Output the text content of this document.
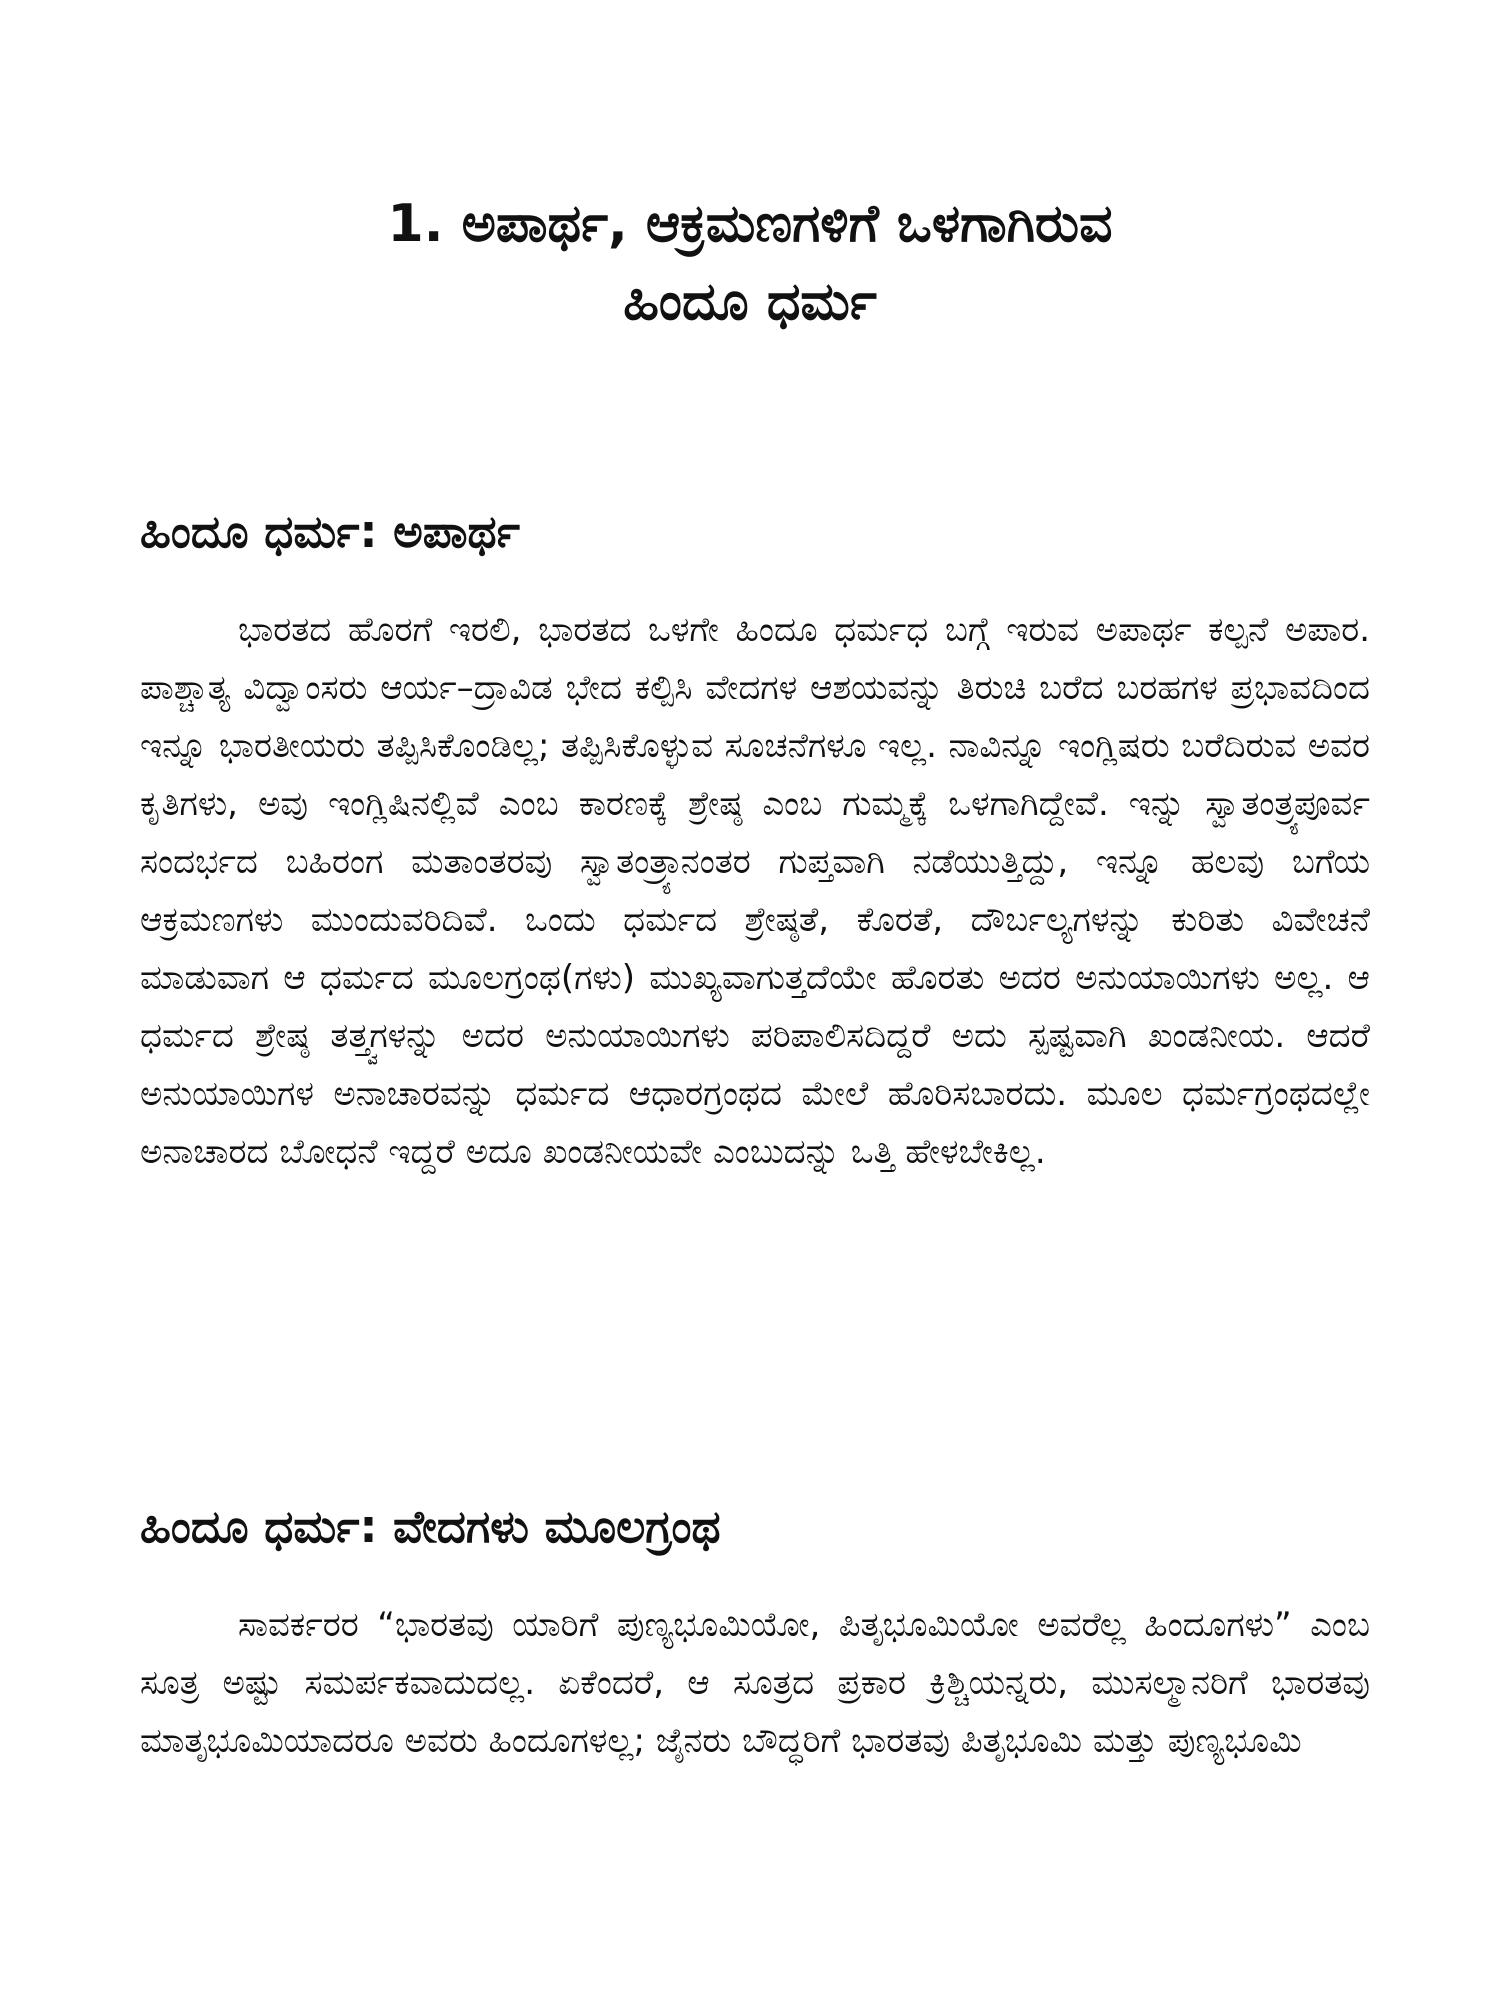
1. ಅಪಾರ್ಥ, ಆಕ್ರಮಣಗಳಿಗೆ ಒಳಗಾಗಿರುವ
ಹಿಂದೂ ಧರ್ಮ
ಹಿಂದೂ ಧರ್ಮ: ಅಪಾರ್ಥ

ಭಾರತದ ಹೊರಗೆ ಇರಲಿ, ಭಾರತದ ಒಳಗೇ ಹಿಂದೂ ಧರ್ಮಧ ಬಗ್ಗೆ ಇರುವ ಅಪಾರ್ಥ ಕಲ್ಪನೆ ಅಪಾರ. ಪಾಶ್ಚಾತ್ಯ ವಿದ್ವಾಂಸರು ಆರ್ಯ–ದ್ರಾವಿಡ ಭೇದ ಕಲ್ಪಿಸಿ ವೇದಗಳ ಆಶಯವನ್ನು ತಿರುಚಿ ಬರೆದ ಬರಹಗಳ ಪ್ರಭಾವದಿಂದ ಇನ್ನೂ ಭಾರತೀಯರು ತಪ್ಪಿಸಿಕೊಂಡಿಲ್ಲ; ತಪ್ಪಿಸಿಕೊಳ್ಳುವ ಸೂಚನೆಗಳೂ ಇಲ್ಲ. ನಾವಿನ್ನೂ ಇಂಗ್ಲಿಷರು ಬರೆದಿರುವ ಅವರ ಕೃತಿಗಳು, ಅವು ಇಂಗ್ಲಿಷಿನಲ್ಲಿವೆ ಎಂಬ ಕಾರಣಕ್ಕೆ ಶ್ರೇಷ್ಠ ಎಂಬ ಗುಮ್ಮಕ್ಕೆ ಒಳಗಾಗಿದ್ದೇವೆ. ಇನ್ನು ಸ್ವಾತಂತ್ರ್ಯಪೂರ್ವ ಸಂದರ್ಭದ ಬಹಿರಂಗ ಮತಾಂತರವು ಸ್ವಾತಂತ್ರ್ಯಾನಂತರ ಗುಪ್ತವಾಗಿ ನಡೆಯುತ್ತಿದ್ದು, ಇನ್ನೂ ಹಲವು ಬಗೆಯ ಆಕ್ರಮಣಗಳು ಮುಂದುವರಿದಿವೆ. ಒಂದು ಧರ್ಮದ ಶ್ರೇಷ್ಠತೆ, ಕೊರತೆ, ದೌರ್ಬಲ್ಯಗಳನ್ನು ಕುರಿತು ವಿವೇಚನೆ ಮಾಡುವಾಗ ಆ ಧರ್ಮದ ಮೂಲಗ್ರಂಥ(ಗಳು) ಮುಖ್ಯವಾಗುತ್ತದೆಯೇ ಹೊರತು ಅದರ ಅನುಯಾಯಿಗಳು ಅಲ್ಲ. ಆ ಧರ್ಮದ ಶ್ರೇಷ್ಠ ತತ್ತ್ವಗಳನ್ನು ಅದರ ಅನುಯಾಯಿಗಳು ಪರಿಪಾಲಿಸದಿದ್ದರೆ ಅದು ಸ್ಪಷ್ಟವಾಗಿ ಖಂಡನೀಯ. ಆದರೆ ಅನುಯಾಯಿಗಳ ಅನಾಚಾರವನ್ನು ಧರ್ಮದ ಆಧಾರಗ್ರಂಥದ ಮೇಲೆ ಹೊರಿಸಬಾರದು. ಮೂಲ ಧರ್ಮಗ್ರಂಥದಲ್ಲೇ ಅನಾಚಾರದ ಬೋಧನೆ ಇದ್ದರೆ ಅದೂ ಖಂಡನೀಯವೇ ಎಂಬುದನ್ನು ಒತ್ತಿ ಹೇಳಬೇಕಿಲ್ಲ.

ಹಿಂದೂ ಧರ್ಮ: ವೇದಗಳು ಮೂಲಗ್ರಂಥ

ಸಾವರ್ಕರರ “ಭಾರತವು ಯಾರಿಗೆ ಪುಣ್ಯಭೂಮಿಯೋ, ಪಿತೃಭೂಮಿಯೋ ಅವರೆಲ್ಲ ಹಿಂದೂಗಳು” ಎಂಬ ಸೂತ್ರ ಅಷ್ಟು ಸಮರ್ಪಕವಾದುದಲ್ಲ. ಏಕೆಂದರೆ, ಆ ಸೂತ್ರದ ಪ್ರಕಾರ ಕ್ರಿಶ್ಚಿಯನ್ನರು, ಮುಸಲ್ಮಾನರಿಗೆ ಭಾರತವು ಮಾತೃಭೂಮಿಯಾದರೂ ಅವರು ಹಿಂದೂಗಳಲ್ಲ; ಜೈನರು ಬೌದ್ಧರಿಗೆ ಭಾರತವು ಪಿತೃಭೂಮಿ ಮತ್ತು ಪುಣ್ಯಭೂಮಿ
